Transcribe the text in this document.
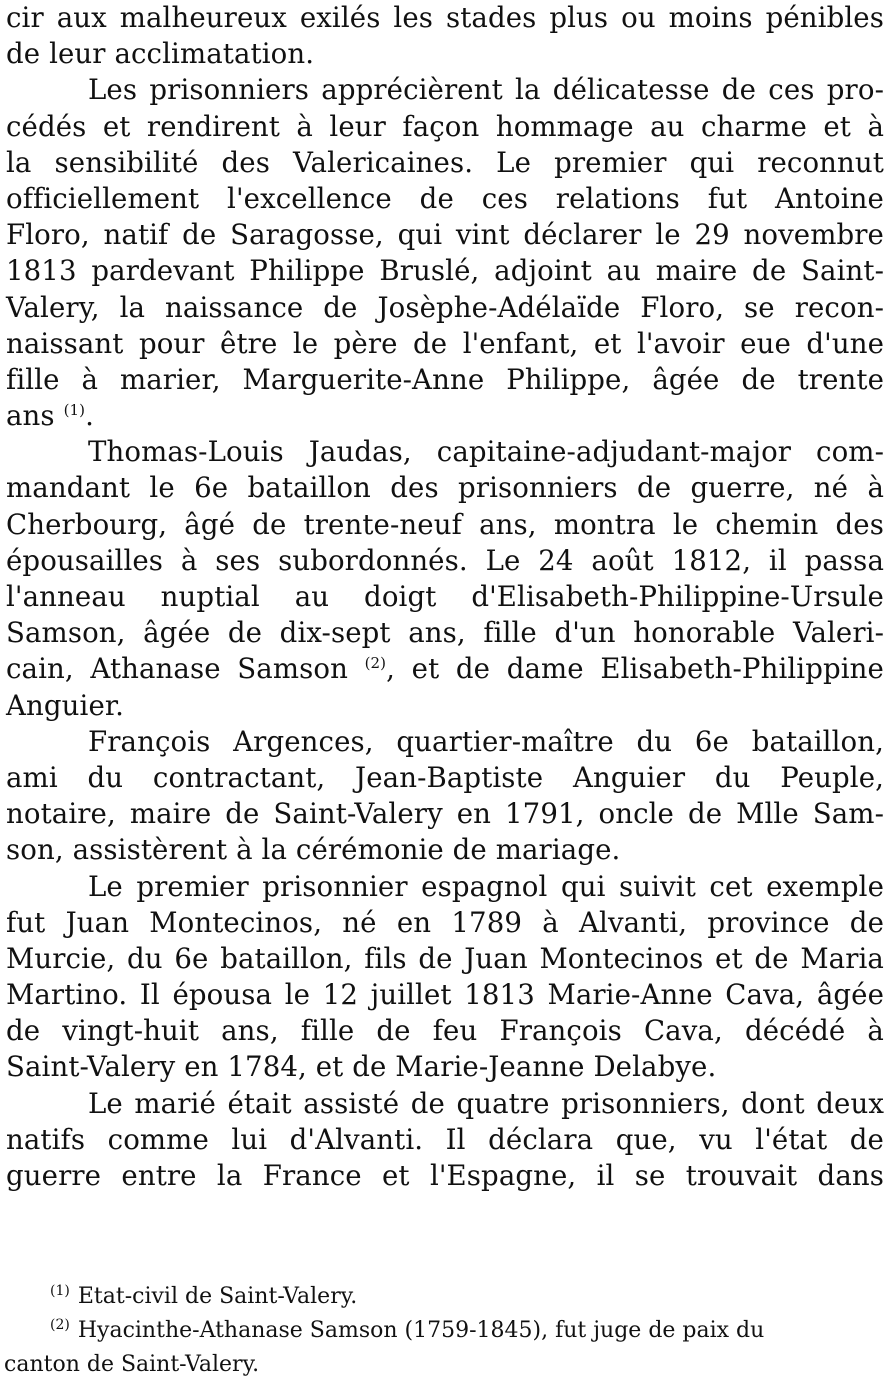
cir aux malheureux exilés les stades plus ou moins pénibles
de leur acclimatation.
Les prisonniers apprécièrent la délicatesse de ces pro-
cédés et rendirent à leur façon hommage au charme et à
la sensibilité des Valericaines. Le premier qui reconnut
officiellement l'excellence de ces relations fut Antoine
Floro, natif de Saragosse, qui vint déclarer le 29 novembre
1813 pardevant Philippe Bruslé, adjoint au maire de Saint-
Valery, la naissance de Josèphe-Adélaïde Floro, se recon-
naissant pour être le père de l'enfant, et l'avoir eue d'une
fille à marier, Marguerite-Anne Philippe, âgée de trente
ans $^{(1)}$.
Thomas-Louis Jaudas, capitaine-adjudant-major com-
mandant le 6e bataillon des prisonniers de guerre, né à
Cherbourg, âgé de trente-neuf ans, montra le chemin des
épousailles à ses subordonnés. Le 24 août 1812, il passa
l'anneau nuptial au doigt d'Elisabeth-Philippine-Ursule
Samson, âgée de dix-sept ans, fille d'un honorable Valeri-
cain, Athanase Samson $^{(2)}$, et de dame Elisabeth-Philippine
Anguier.
François Argences, quartier-maître du 6e bataillon,
ami du contractant, Jean-Baptiste Anguier du Peuple,
notaire, maire de Saint-Valery en 1791, oncle de Mlle Sam-
son, assistèrent à la cérémonie de mariage.
Le premier prisonnier espagnol qui suivit cet exemple
fut Juan Montecinos, né en 1789 à Alvanti, province de
Murcie, du 6e bataillon, fils de Juan Montecinos et de Maria
Martino. Il épousa le 12 juillet 1813 Marie-Anne Cava, âgée
de vingt-huit ans, fille de feu François Cava, décédé à
Saint-Valery en 1784, et de Marie-Jeanne Delabye.
Le marié était assisté de quatre prisonniers, dont deux
natifs comme lui d'Alvanti. Il déclara que, vu l'état de
guerre entre la France et l'Espagne, il se trouvait dans
$^{(1)}$ Etat-civil de Saint-Valery.
$^{(2)}$ Hyacinthe-Athanase Samson (1759-1845), fut juge de paix du
canton de Saint-Valery.
